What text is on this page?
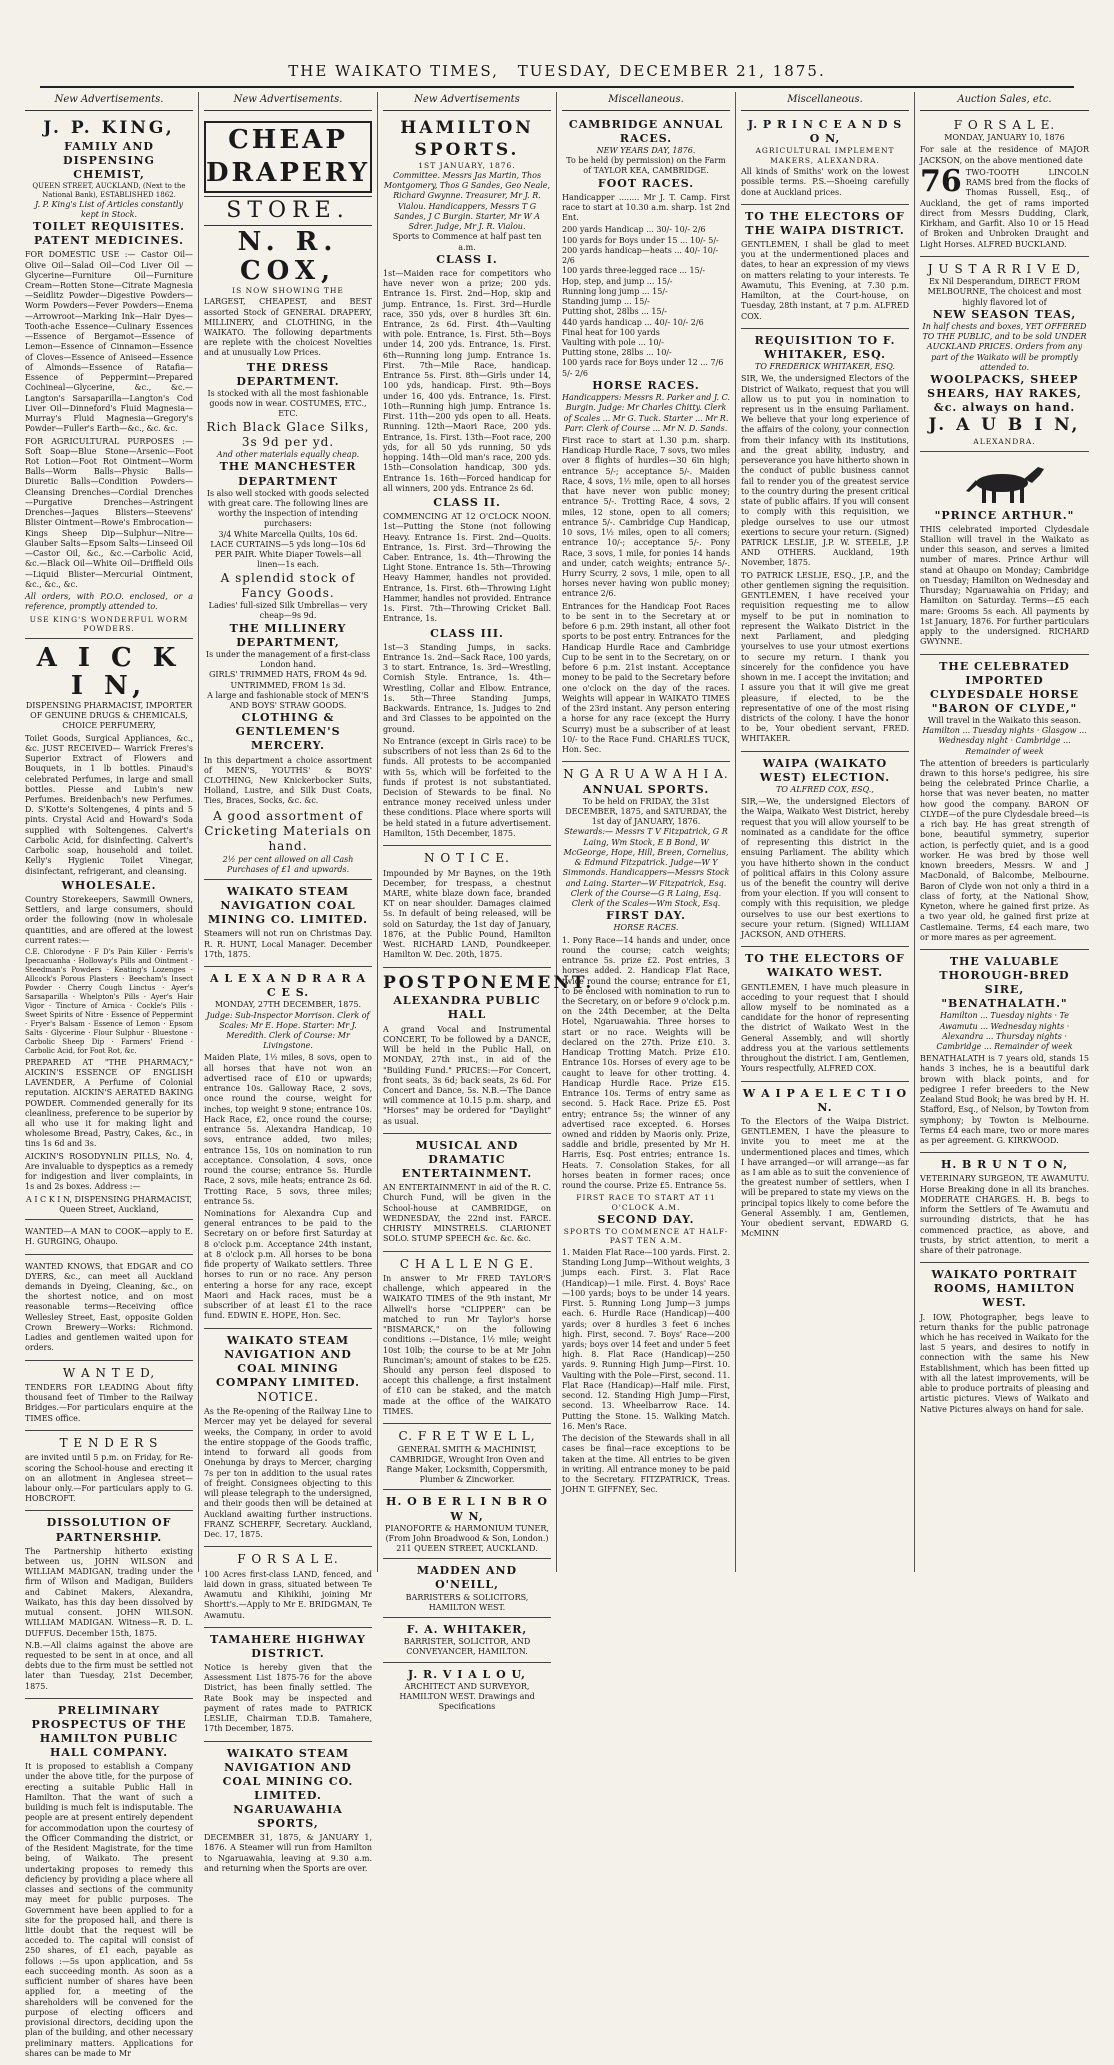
THE WAIKATO TIMES, TUESDAY, DECEMBER 21, 1875.
New Advertisements.
J. P. KING,
FAMILY AND DISPENSING CHEMIST,
QUEEN STREET, AUCKLAND, (Next to the National Bank), ESTABLISHED 1862.
J. P. King's List of Articles constantly kept in Stock.
TOILET REQUISITES.
PATENT MEDICINES.
FOR DOMESTIC USE :— Castor Oil—Olive Oil—Salad Oil—Cod Liver Oil —Glycerine—Furniture Oil—Furniture Cream—Rotten Stone—Citrate Magnesia—Seidlitz Powder—Digestive Powders—Worm Powders—Fever Powders—Enema—Arrowroot—Marking Ink—Hair Dyes—Tooth-ache Essence—Culinary Essences—Essence of Bergamot—Essence of Lemon—Essence of Cinnamon—Essence of Cloves—Essence of Aniseed—Essence of Almonds—Essence of Ratafia—Essence of Peppermint—Prepared Cochineal—Glycerine, &c., &c.—Langton's Sarsaparilla—Langton's Cod Liver Oil—Dinneford's Fluid Magnesia—Murray's Fluid Magnesia—Gregory's Powder—Fuller's Earth—&c., &c. &c.
FOR AGRICULTURAL PURPOSES :— Soft Soap—Blue Stone—Arsenic—Foot Rot Lotion—Foot Rot Ointment—Worm Balls—Worm Balls—Physic Balls—Diuretic Balls—Condition Powders—Cleansing Drenches—Cordial Drenches—Purgative Drenches—Astringent Drenches—Jaques Blisters—Steevens' Blister Ointment—Rowe's Embrocation—Kings Sheep Dip—Sulphur—Nitre—Glauber Salts—Epsom Salts—Linseed Oil—Castor Oil, &c., &c.—Carbolic Acid, &c.—Black Oil—White Oil—Driffield Oils—Liquid Blister—Mercurial Ointment, &c., &c., &c.
All orders, with P.O.O. enclosed, or a reference, promptly attended to.
USE KING'S WONDERFUL WORM POWDERS.
A I C K I N,
DISPENSING PHARMACIST, IMPORTER OF GENUINE DRUGS & CHEMICALS, CHOICE PERFUMERY,
Toilet Goods, Surgical Appliances, &c., &c. JUST RECEIVED— Warrick Freres's Superior Extract of Flowers and Bouquets, in 1 lb bottles. Pinaud's celebrated Perfumes, in large and small bottles. Piesse and Lubin's new Perfumes. Breidenbach's new Perfumes. D. S'Kotte's Soltengenes, 4 pints and 5 pints. Crystal Acid and Howard's Soda supplied with Soltengenes. Calvert's Carbolic Acid, for disinfecting. Calvert's Carbolic soap, household and toilet. Kelly's Hygienic Toilet Vinegar, disinfectant, refrigerant, and cleansing.
WHOLESALE.
Country Storekeepers, Sawmill Owners, Settlers, and large consumers, should order the following (now in wholesale quantities, and are offered at the lowest current rates:—
C.E. Chlorodyne · F D's Pain Killer · Ferris's Ipecacuanha · Holloway's Pills and Ointment · Steedman's Powders · Keating's Lozenges · Allcock's Porous Plasters · Beecham's Insect Powder · Cherry Cough Linctus · Ayer's Sarsaparilla · Whelpton's Pills · Ayer's Hair Vigor · Tincture of Arnica · Cockle's Pills · Sweet Spirits of Nitre · Essence of Peppermint · Fryer's Balsam · Essence of Lemon · Epsom Salts · Glycerine · Flour Sulphur · Bluestone · Carbolic Sheep Dip · Farmers' Friend · Carbolic Acid, for Foot Rot, &c.
PREPARED AT "THE PHARMACY," AICKIN'S ESSENCE OF ENGLISH LAVENDER, A Perfume of Colonial reputation. AICKIN'S AERATED BAKING POWDER. Commended generally for its cleanliness, preference to be superior by all who use it for making light and wholesome Bread, Pastry, Cakes, &c., in tins 1s 6d and 3s.
AICKIN'S ROSODYNLIN PILLS, No. 4, Are invaluable to dyspeptics as a remedy for indigestion and liver complaints, in 1s and 2s boxes. Address :—
A I C K I N, DISPENSING PHARMACIST, Queen Street, Auckland,
WANTED—A MAN to COOK—apply to E. H. GURGING, Ohaupo.
WANTED KNOWS, that EDGAR and CO DYERS, &c., can meet all Auckland demands in Dyeing, Cleaning, &c., on the shortest notice, and on most reasonable terms—Receiving office Wellesley Street, East, opposite Golden Crown Brewery—Works: Richmond. Ladies and gentlemen waited upon for orders.
W A N T E D,
TENDERS FOR LEADING About fifty thousand feet of Timber to the Railway Bridges.—For particulars enquire at the TIMES office.
T E N D E R S
are invited until 5 p.m. on Friday, for Re-scoring the School-house and erecting it on an allotment in Anglesea street—labour only.—For particulars apply to G. HOBCROFT.
DISSOLUTION OF PARTNERSHIP.
The Partnership hitherto existing between us, JOHN WILSON and WILLIAM MADIGAN, trading under the firm of Wilson and Madigan, Builders and Cabinet Makers, Alexandra, Waikato, has this day been dissolved by mutual consent. JOHN WILSON. WILLIAM MADIGAN. Witness—R. D. L. DUFFUS. December 15th, 1875.
N.B.—All claims against the above are requested to be sent in at once, and all debts due to the firm must be settled not later than Tuesday, 21st December, 1875.
PRELIMINARY PROSPECTUS OF THE HAMILTON PUBLIC HALL COMPANY.
It is proposed to establish a Company under the above title, for the purpose of erecting a suitable Public Hall in Hamilton. That the want of such a building is much felt is indisputable. The people are at present entirely dependent for accommodation upon the courtesy of the Officer Commanding the district, or of the Resident Magistrate, for the time being, of Waikato. The present undertaking proposes to remedy this deficiency by providing a place where all classes and sections of the community may meet for public purposes. The Government have been applied to for a site for the proposed hall, and there is little doubt that the request will be acceded to. The capital will consist of 250 shares, of £1 each, payable as follows :—5s upon application, and 5s each succeeding month. As soon as a sufficient number of shares have been applied for, a meeting of the shareholders will be convened for the purpose of electing officers and provisional directors, deciding upon the plan of the building, and other necessary preliminary matters. Applications for shares can be made to Mr
New Advertisements.
CHEAP DRAPERY
STORE.
N. R. COX,
IS NOW SHOWING THE
LARGEST, CHEAPEST, and BEST assorted Stock of GENERAL DRAPERY, MILLINERY, and CLOTHING, in the WAIKATO. The following departments are replete with the choicest Novelties and at unusually Low Prices.
THE DRESS DEPARTMENT.
Is stocked with all the most fashionable goods now in wear. COSTUMES, ETC., ETC.
Rich Black Glace Silks, 3s 9d per yd.
And other materials equally cheap.
THE MANCHESTER DEPARTMENT
Is also well stocked with goods selected with great care. The following lines are worthy the inspection of intending purchasers:
3/4 White Marcella Quilts, 10s 6d.
LACE CURTAINS—5 yds long—10s 6d PER PAIR. White Diaper Towels—all linen—1s each.
A splendid stock of Fancy Goods.
Ladies' full-sized Silk Umbrellas— very cheap—9s 9d.
THE MILLINERY DEPARTMENT,
Is under the management of a first-class London hand.
GIRLS' TRIMMED HATS, FROM 4s 9d. UNTRIMMED, FROM 1s 3d.
A large and fashionable stock of MEN'S AND BOYS' STRAW GOODS.
CLOTHING & GENTLEMEN'S MERCERY.
In this department a choice assortment of MEN'S, YOUTHS' & BOYS' CLOTHING, New Knickerbocker Suits, Holland, Lustre, and Silk Dust Coats, Ties, Braces, Socks, &c. &c.
A good assortment of Cricketing Materials on hand.
2½ per cent allowed on all Cash Purchases of £1 and upwards.
WAIKATO STEAM NAVIGATION COAL MINING CO. LIMITED.
Steamers will not run on Christmas Day. R. R. HUNT, Local Manager. December 17th, 1875.
A L E X A N D R A R A C E S.
MONDAY, 27TH DECEMBER, 1875.
Judge: Sub-Inspector Morrison. Clerk of Scales: Mr E. Hope. Starter: Mr J. Meredith. Clerk of Course: Mr Livingstone.
Maiden Plate, 1½ miles, 8 sovs, open to all horses that have not won an advertised race of £10 or upwards; entrance 10s. Galloway Race, 2 sovs, once round the course, weight for inches, top weight 9 stone; entrance 10s. Hack Race, £2, once round the course; entrance 5s. Alexandra Handicap, 10 sovs, entrance added, two miles; entrance 15s, 10s on nomination to run acceptance. Consolation, 4 sovs, once round the course; entrance 5s. Hurdle Race, 2 sovs, mile heats; entrance 2s 6d. Trotting Race, 5 sovs, three miles; entrance 5s.
Nominations for Alexandra Cup and general entrances to be paid to the Secretary on or before first Saturday at 8 o'clock p.m. Acceptance 24th instant, at 8 o'clock p.m. All horses to be bona fide property of Waikato settlers. Three horses to run or no race. Any person entering a horse for any race, except Maori and Hack races, must be a subscriber of at least £1 to the race fund. EDWIN E. HOPE, Hon. Sec.
WAIKATO STEAM NAVIGATION AND COAL MINING COMPANY LIMITED.
NOTICE.
As the Re-opening of the Railway Line to Mercer may yet be delayed for several weeks, the Company, in order to avoid the entire stoppage of the Goods traffic, intend to forward all goods from Onehunga by drays to Mercer, charging 7s per ton in addition to the usual rates of freight. Consignees objecting to this will please telegraph to the undersigned, and their goods then will be detained at Auckland awaiting further instructions. FRANZ SCHERFF, Secretary. Auckland, Dec. 17, 1875.
F O R S A L E.
100 Acres first-class LAND, fenced, and laid down in grass, situated between Te Awamutu and Kihikihi, joining Mr Shortt's.—Apply to Mr E. BRIDGMAN, Te Awamutu.
TAMAHERE HIGHWAY DISTRICT.
Notice is hereby given that the Assessment List 1875-76 for the above District, has been finally settled. The Rate Book may be inspected and payment of rates made to PATRICK LESLIE, Chairman T.D.B. Tamahere, 17th December, 1875.
WAIKATO STEAM NAVIGATION AND COAL MINING CO. LIMITED.
NGARUAWAHIA SPORTS,
DECEMBER 31, 1875, & JANUARY 1, 1876. A Steamer will run from Hamilton to Ngaruawahia, leaving at 9.30 a.m. and returning when the Sports are over.
New Advertisements
HAMILTON SPORTS.
1ST JANUARY, 1876.
Committee. Messrs Jas Martin, Thos Montgomery, Thos G Sandes, Geo Neale, Richard Gwynne. Treasurer, Mr J. R. Vialou. Handicappers, Messrs T G Sandes, J C Burgin. Starter, Mr W A Sdrer. Judge, Mr J. R. Vialou.
Sports to Commence at half past ten a.m.
CLASS I.
1st—Maiden race for competitors who have never won a prize; 200 yds. Entrance 1s. First. 2nd—Hop, skip and jump. Entrance, 1s. First. 3rd—Hurdle race, 350 yds, over 8 hurdles 3ft 6in. Entrance, 2s 6d. First. 4th—Vaulting with pole. Entrance, 1s. First. 5th—Boys under 14, 200 yds. Entrance, 1s. First. 6th—Running long jump. Entrance 1s. First. 7th—Mile Race, handicap. Entrance 5s. First. 8th—Girls under 14, 100 yds, handicap. First. 9th—Boys under 16, 400 yds. Entrance, 1s. First. 10th—Running high jump. Entrance 1s. First. 11th—200 yds open to all. Heats. Running. 12th—Maori Race, 200 yds. Entrance, 1s. First. 13th—Foot race, 200 yds, for all 50 yds running, 50 yds hopping. 14th—Old man's race, 200 yds. 15th—Consolation handicap, 300 yds. Entrance 1s. 16th—Forced handicap for all winners, 200 yds. Entrance 2s 6d.
CLASS II.
COMMENCING AT 12 O'CLOCK NOON. 1st—Putting the Stone (not following Heavy. Entrance 1s. First. 2nd—Quoits. Entrance, 1s. First. 3rd—Throwing the Caber. Entrance, 1s. 4th—Throwing the Light Stone. Entrance 1s. 5th—Throwing Heavy Hammer, handles not provided. Entrance, 1s. First. 6th—Throwing Light Hammer, handles not provided. Entrance 1s. First. 7th—Throwing Cricket Ball. Entrance, 1s.
CLASS III.
1st—3 Standing Jumps, in sacks. Entrance 1s. 2nd—Sack Race, 100 yards, 3 to start. Entrance, 1s. 3rd—Wrestling, Cornish Style. Entrance, 1s. 4th—Wrestling, Collar and Elbow. Entrance, 1s. 5th—Three Standing Jumps, Backwards. Entrance, 1s. Judges to 2nd and 3rd Classes to be appointed on the ground.
No Entrance (except in Girls race) to be subscribers of not less than 2s 6d to the funds. All protests to be accompanied with 5s, which will be forfeited to the funds if protest is not substantiated. Decision of Stewards to be final. No entrance money received unless under these conditions. Place where sports will be held stated in a future advertisement. Hamilton, 15th December, 1875.
N O T I C E.
Impounded by Mr Baynes, on the 19th December, for trespass, a chestnut MARE, white blaze down face, branded KT on near shoulder. Damages claimed 5s. In default of being released, will be sold on Saturday, the 1st day of January, 1876, at the Public Pound, Hamilton West. RICHARD LAND, Poundkeeper. Hamilton W. Dec. 20th, 1875.
POSTPONEMENT.
ALEXANDRA PUBLIC HALL
A grand Vocal and Instrumental CONCERT, To be followed by a DANCE, Will be held in the Public Hall, on MONDAY, 27th inst., in aid of the "Building Fund." PRICES:—For Concert, front seats, 3s 6d; back seats, 2s 6d. For Concert and Dance, 5s. N.B.—The Dance will commence at 10.15 p.m. sharp, and "Horses" may be ordered for "Daylight" as usual.
MUSICAL AND DRAMATIC ENTERTAINMENT.
AN ENTERTAINMENT in aid of the R. C. Church Fund, will be given in the School-house at CAMBRIDGE, on WEDNESDAY, the 22nd inst. FARCE. CHRISTY MINSTRELS. CLARIONET SOLO. STUMP SPEECH &c. &c. &c.
C H A L L E N G E.
In answer to Mr FRED TAYLOR'S challenge, which appeared in the WAIKATO TIMES of the 9th instant, Mr Allwell's horse "CLIPPER" can be matched to run Mr Taylor's horse "BISMARCK," on the following conditions :—Distance, 1½ mile; weight 10st 10lb; the course to be at Mr John Runciman's; amount of stakes to be £25. Should any person feel disposed to accept this challenge, a first instalment of £10 can be staked, and the match made at the office of the WAIKATO TIMES.
C. F R E T W E L L,
GENERAL SMITH & MACHINIST, CAMBRIDGE, Wrought Iron Oven and Range Maker, Locksmith, Coppersmith, Plumber & Zincworker.
H. O B E R L I N B R O W N,
PIANOFORTE & HARMONIUM TUNER, (From John Broadwood & Son, London.) 211 QUEEN STREET, AUCKLAND.
MADDEN AND O'NEILL,
BARRISTERS & SOLICITORS, HAMILTON WEST.
F. A. WHITAKER,
BARRISTER, SOLICITOR, AND CONVEYANCER, HAMILTON.
J. R. V I A L O U,
ARCHITECT AND SURVEYOR, HAMILTON WEST. Drawings and Specifications
Miscellaneous.
CAMBRIDGE ANNUAL RACES.
NEW YEARS DAY, 1876.
To be held (by permission) on the Farm of TAYLOR KEA, CAMBRIDGE.
FOOT RACES.
Handicapper ........ Mr J. T. Camp. First race to start at 10.30 a.m. sharp. 1st 2nd Ent.
200 yards Handicap ... 30/- 10/- 2/6
100 yards for Boys under 15 ... 10/- 5/-
200 yards handicap—heats ... 40/- 10/- 2/6
100 yards three-legged race ... 15/-
Hop, step, and jump ... 15/-
Running long jump ... 15/-
Standing jump ... 15/-
Putting shot, 28lbs ... 15/-
440 yards handicap ... 40/- 10/- 2/6
Final heat for 100 yards
Vaulting with pole ... 10/-
Putting stone, 28lbs ... 10/-
100 yards race for Boys under 12 ... 7/6 5/- 2/6
HORSE RACES.
Handicappers: Messrs R. Parker and J. C. Burgin. Judge: Mr Charles Chitty. Clerk of Scales ... Mr G. Tuck. Starter ... Mr R. Parr. Clerk of Course ... Mr N. D. Sands.
First race to start at 1.30 p.m. sharp. Handicap Hurdle Race, 7 sovs, two miles over 8 flights of hurdles—30 6in high; entrance 5/-; acceptance 5/-. Maiden Race, 4 sovs, 1½ mile, open to all horses that have never won public money; entrance 5/-. Trotting Race, 4 sovs, 2 miles, 12 stone, open to all comers; entrance 5/-. Cambridge Cup Handicap, 10 sovs, 1½ miles, open to all comers; entrance 10/-; acceptance 5/-. Pony Race, 3 sovs, 1 mile, for ponies 14 hands and under, catch weights; entrance 5/-. Hurry Scurry, 2 sovs, 1 mile, open to all horses never having won public money; entrance 2/6.
Entrances for the Handicap Foot Races to be sent in to the Secretary at or before 6 p.m. 29th instant, all other foot sports to be post entry. Entrances for the Handicap Hurdle Race and Cambridge Cup to be sent in to the Secretary, on or before 6 p.m. 21st instant. Acceptance money to be paid to the Secretary before one o'clock on the day of the races. Weights will appear in WAIKATO TIMES of the 23rd instant. Any person entering a horse for any race (except the Hurry Scurry) must be a subscriber of at least 10/- to the Race Fund. CHARLES TUCK, Hon. Sec.
N G A R U A W A H I A.
ANNUAL SPORTS.
To be held on FRIDAY, the 31st DECEMBER, 1875, and SATURDAY, the 1st day of JANUARY, 1876.
Stewards:— Messrs T V Fitzpatrick, G R Laing, Wm Stock, E B Bond, W McGeorge, Hope, Hill, Breen, Cornelius, & Edmund Fitzpatrick. Judge—W Y Simmonds. Handicappers—Messrs Stock and Laing. Starter—W Fitzpatrick, Esq. Clerk of the Course—G R Laing, Esq. Clerk of the Scales—Wm Stock, Esq.
FIRST DAY.
HORSE RACES.
1. Pony Race—14 hands and under, once round the course; catch weights; entrance 5s. prize £2. Post entries, 3 horses added. 2. Handicap Flat Race, twice round the course; entrance for £1, to be enclosed with nomination to run to the Secretary, on or before 9 o'clock p.m. on the 24th December, at the Delta Hotel, Ngaruawahia. Three horses to start or no race. Weights will be declared on the 27th. Prize £10. 3. Handicap Trotting Match. Prize £10. Entrance 10s. Horses of every age to be caught to leave for other trotting. 4. Handicap Hurdle Race. Prize £15. Entrance 10s. Terms of entry same as second. 5. Hack Race. Prize £5. Post entry; entrance 5s; the winner of any advertised race excepted. 6. Horses owned and ridden by Maoris only. Prize, saddle and bridle, presented by Mr H. Harris, Esq. Post entries; entrance 1s. Heats. 7. Consolation Stakes, for all horses beaten in former races; once round the course. Prize £5. Entrance 5s.
FIRST RACE TO START AT 11 O'CLOCK A.M.
SECOND DAY.
SPORTS TO COMMENCE AT HALF-PAST TEN A.M.
1. Maiden Flat Race—100 yards. First. 2. Standing Long Jump—Without weights, 3 jumps each. First. 3. Flat Race (Handicap)—1 mile. First. 4. Boys' Race—100 yards; boys to be under 14 years. First. 5. Running Long Jump—3 jumps each. 6. Hurdle Race (Handicap)—400 yards; over 8 hurdles 3 feet 6 inches high. First, second. 7. Boys' Race—200 yards; boys over 14 feet and under 5 feet high. 8. Flat Race (Handicap)—250 yards. 9. Running High Jump—First. 10. Vaulting with the Pole—First, second. 11. Flat Race (Handicap)—Half mile. First, second. 12. Standing High Jump—First, second. 13. Wheelbarrow Race. 14. Putting the Stone. 15. Walking Match. 16. Men's Race.
The decision of the Stewards shall in all cases be final—race exceptions to be taken at the time. All entries to be given in writing. All entrance money to be paid to the Secretary. FITZPATRICK, Treas. JOHN T. GIFFNEY, Sec.
Miscellaneous.
J. P R I N C E A N D S O N,
AGRICULTURAL IMPLEMENT MAKERS, ALEXANDRA.
All kinds of Smiths' work on the lowest possible terms. P.S.—Shoeing carefully done at Auckland prices.
TO THE ELECTORS OF THE WAIPA DISTRICT.
GENTLEMEN, I shall be glad to meet you at the undermentioned places and dates, to hear an expression of my views on matters relating to your interests. Te Awamutu, This Evening, at 7.30 p.m. Hamilton, at the Court-house, on Tuesday, 28th instant, at 7 p.m. ALFRED COX.
REQUISITION TO F. WHITAKER, ESQ.
TO FREDERICK WHITAKER, ESQ.
SIR, We, the undersigned Electors of the District of Waikato, request that you will allow us to put you in nomination to represent us in the ensuing Parliament. We believe that your long experience of the affairs of the colony, your connection from their infancy with its institutions, and the great ability, industry, and perseverance you have hitherto shown in the conduct of public business cannot fail to render you of the greatest service to the country during the present critical state of public affairs. If you will consent to comply with this requisition, we pledge ourselves to use our utmost exertions to secure your return. (Signed) PATRICK LESLIE, J.P. W. STEELE, J.P. AND OTHERS. Auckland, 19th November, 1875.
TO PATRICK LESLIE, ESQ., J.P., and the other gentlemen signing the requisition. GENTLEMEN, I have received your requisition requesting me to allow myself to be put in nomination to represent the Waikato District in the next Parliament, and pledging yourselves to use your utmost exertions to secure my return. I thank you sincerely for the confidence you have shown in me. I accept the invitation; and I assure you that it will give me great pleasure, if elected, to be the representative of one of the most rising districts of the colony. I have the honor to be, Your obedient servant, FRED. WHITAKER.
WAIPA (WAIKATO WEST) ELECTION.
TO ALFRED COX, ESQ.,
SIR,—We, the undersigned Electors of the Waipa, Waikato West District, hereby request that you will allow yourself to be nominated as a candidate for the office of representing this district in the ensuing Parliament. The ability which you have hitherto shown in the conduct of political affairs in this Colony assure us of the benefit the country will derive from your election. If you will consent to comply with this requisition, we pledge ourselves to use our best exertions to secure your return. (Signed) WILLIAM JACKSON, AND OTHERS.
TO THE ELECTORS OF WAIKATO WEST.
GENTLEMEN, I have much pleasure in acceding to your request that I should allow myself to be nominated as a candidate for the honor of representing the district of Waikato West in the General Assembly, and will shortly address you at the various settlements throughout the district. I am, Gentlemen, Yours respectfully, ALFRED COX.
W A I P A E L E C T I O N.
To the Electors of the Waipa District. GENTLEMEN, I have the pleasure to invite you to meet me at the undermentioned places and times, which I have arranged—or will arrange—as far as I am able as to suit the convenience of the greatest number of settlers, when I will be prepared to state my views on the principal topics likely to come before the General Assembly. I am, Gentlemen, Your obedient servant, EDWARD G. McMINN
Auction Sales, etc.
F O R S A L E.
MONDAY, JANUARY 10, 1876
For sale at the residence of MAJOR JACKSON, on the above mentioned date
76 TWO-TOOTH LINCOLN RAMS bred from the flocks of Thomas Russell, Esq., of Auckland, the get of rams imported direct from Messrs Dudding, Clark, Kirkham, and Garfit. Also 10 or 15 Head of Broken and Unbroken Draught and Light Horses. ALFRED BUCKLAND.
J U S T A R R I V E D,
Ex Nil Desperandum, DIRECT FROM MELBOURNE, The choicest and most highly flavored lot of
NEW SEASON TEAS,
In half chests and boxes, YET OFFERED TO THE PUBLIC, and to be sold UNDER AUCKLAND PRICES. Orders from any part of the Waikato will be promptly attended to.
WOOLPACKS, SHEEP SHEARS, HAY RAKES, &c. always on hand.
J. A U B I N,
ALEXANDRA.
"PRINCE ARTHUR."
THIS celebrated imported Clydesdale Stallion will travel in the Waikato as under this season, and serves a limited number of mares. Prince Arthur will stand at Ohaupo on Monday; Cambridge on Tuesday; Hamilton on Wednesday and Thursday; Ngaruawahia on Friday; and Hamilton on Saturday. Terms—£5 each mare: Grooms 5s each. All payments by 1st January, 1876. For further particulars apply to the undersigned. RICHARD GWYNNE.
THE CELEBRATED IMPORTED CLYDESDALE HORSE
"BARON OF CLYDE,"
Will travel in the Waikato this season.
Hamilton ... Tuesday nights · Glasgow ... Wednesday night · Cambridge ... Remainder of week
The attention of breeders is particularly drawn to this horse's pedigree, his sire being the celebrated Prince Charlie, a horse that was never beaten, no matter how good the company. BARON OF CLYDE—of the pure Clydesdale breed—is a rich bay. He has great strength of bone, beautiful symmetry, superior action, is perfectly quiet, and is a good worker. He was bred by those well known breeders, Messrs. W and J MacDonald, of Balcombe, Melbourne. Baron of Clyde won not only a third in a class of forty, at the National Show, Kyneton, where he gained first prize. As a two year old, he gained first prize at Castlemaine. Terms, £4 each mare, two or more mares as per agreement.
THE VALUABLE THOROUGH-BRED SIRE,
"BENATHALATH."
Hamilton ... Tuesday nights · Te Awamutu ... Wednesday nights · Alexandra ... Thursday nights · Cambridge ... Remainder of week
BENATHALATH is 7 years old, stands 15 hands 3 inches, he is a beautiful dark brown with black points, and for pedigree I refer breeders to the New Zealand Stud Book; he was bred by H. H. Stafford, Esq., of Nelson, by Towton from symphony; by Towton is Melbourne. Terms £4 each mare, two or more mares as per agreement. G. KIRKWOOD.
H. B R U N T O N,
VETERINARY SURGEON, TE AWAMUTU. Horse Breaking done in all its branches. MODERATE CHARGES. H. B. begs to inform the Settlers of Te Awamutu and surrounding districts, that he has commenced practice, as above, and trusts, by strict attention, to merit a share of their patronage.
WAIKATO PORTRAIT ROOMS, HAMILTON WEST.
J. IOW, Photographer, begs leave to return thanks for the public patronage which he has received in Waikato for the last 5 years, and desires to notify in connection with the same his New Establishment, which has been fitted up with all the latest improvements, will be able to produce portraits of pleasing and artistic pictures. Views of Waikato and Native Pictures always on hand for sale.
